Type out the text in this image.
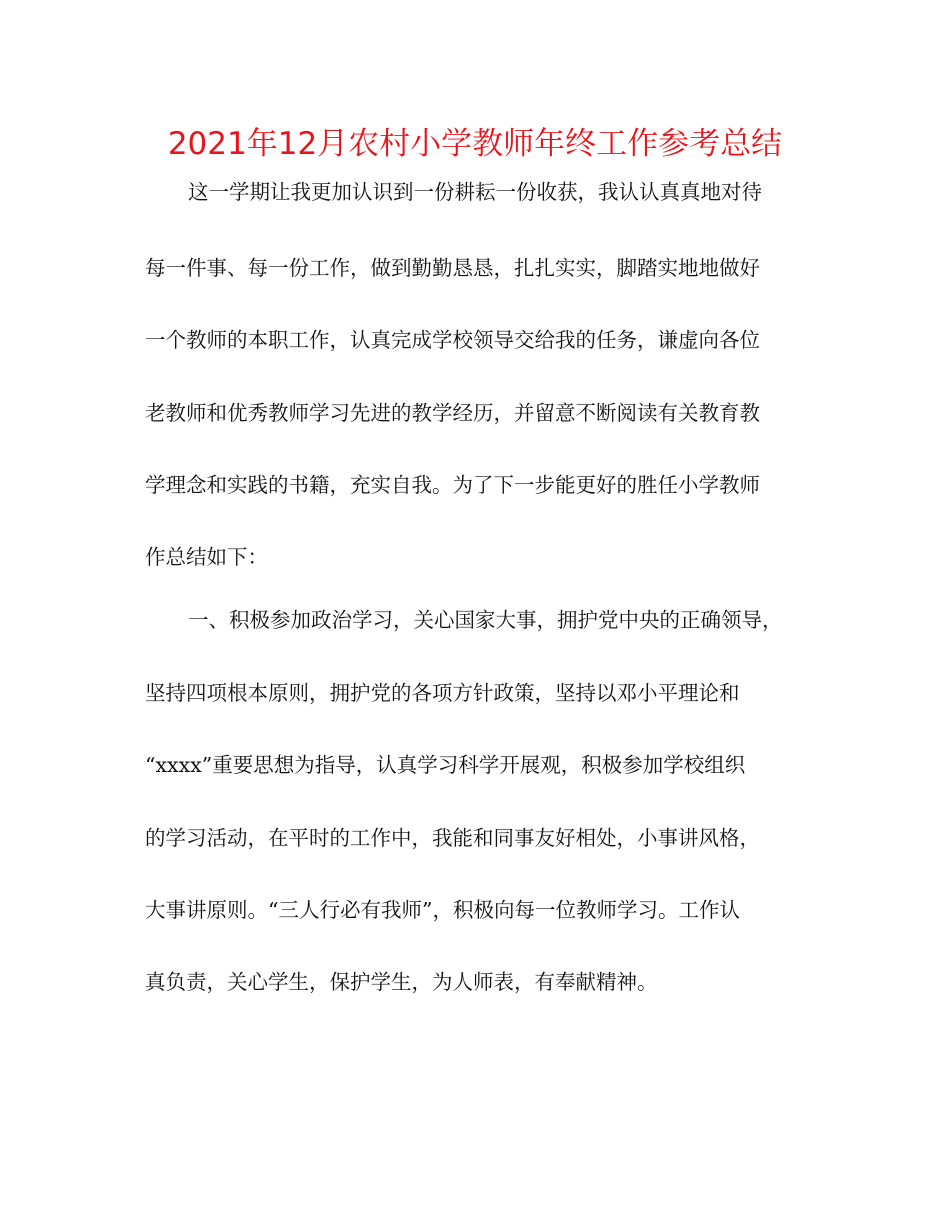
2021年12月农村小学教师年终工作参考总结

这一学期让我更加认识到一份耕耘一份收获，我认认真真地对待

每一件事、每一份工作，做到勤勤恳恳，扎扎实实，脚踏实地地做好

一个教师的本职工作，认真完成学校领导交给我的任务，谦虚向各位

老教师和优秀教师学习先进的教学经历，并留意不断阅读有关教育教

学理念和实践的书籍，充实自我。为了下一步能更好的胜任小学教师

作总结如下：

一、积极参加政治学习，关心国家大事，拥护党中央的正确领导，

坚持四项根本原则，拥护党的各项方针政策，坚持以邓小平理论和

“xxxx”重要思想为指导，认真学习科学开展观，积极参加学校组织

的学习活动，在平时的工作中，我能和同事友好相处，小事讲风格，

大事讲原则。“三人行必有我师”，积极向每一位教师学习。工作认

真负责，关心学生，保护学生，为人师表，有奉献精神。
